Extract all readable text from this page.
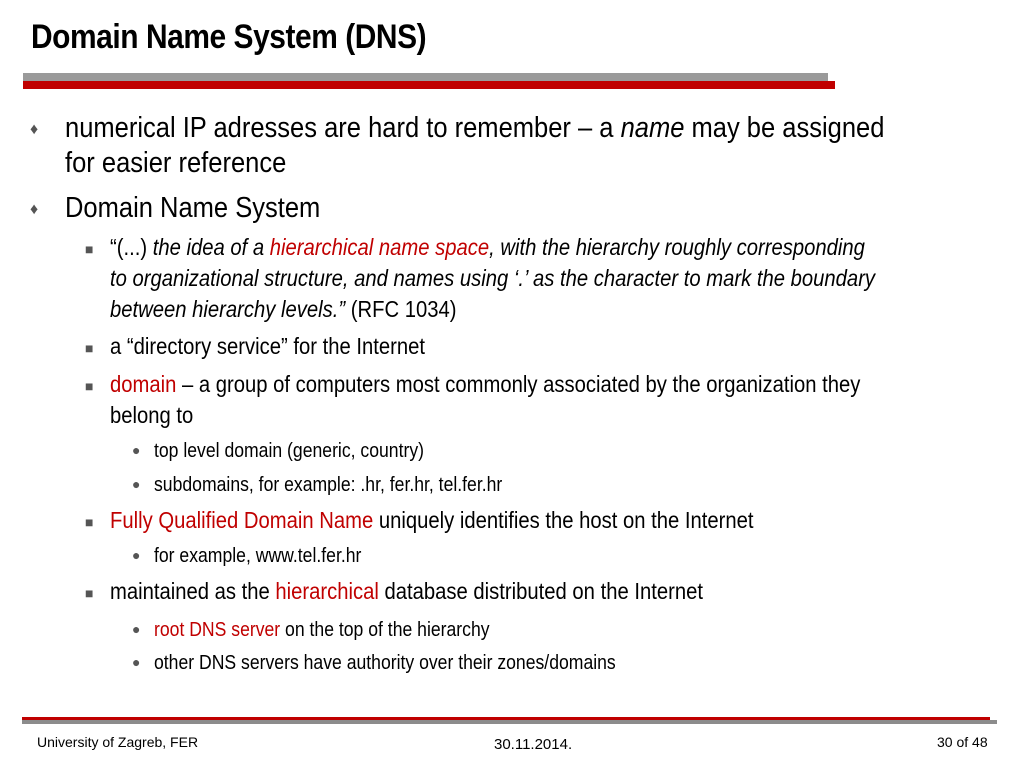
Domain Name System (DNS)
♦ numerical IP adresses are hard to remember – a name may be assigned
for easier reference
♦ Domain Name System
■ “(...) the idea of a hierarchical name space, with the hierarchy roughly corresponding
to organizational structure, and names using ‘.’ as the character to mark the boundary
between hierarchy levels.” (RFC 1034)
■ a “directory service” for the Internet
■ domain – a group of computers most commonly associated by the organization they
belong to
● top level domain (generic, country)
● subdomains, for example: .hr, fer.hr, tel.fer.hr
■ Fully Qualified Domain Name uniquely identifies the host on the Internet
● for example, www.tel.fer.hr
■ maintained as the hierarchical database distributed on the Internet
● root DNS server on the top of the hierarchy
● other DNS servers have authority over their zones/domains
University of Zagreb, FER	30.11.2014.	30 of 48
